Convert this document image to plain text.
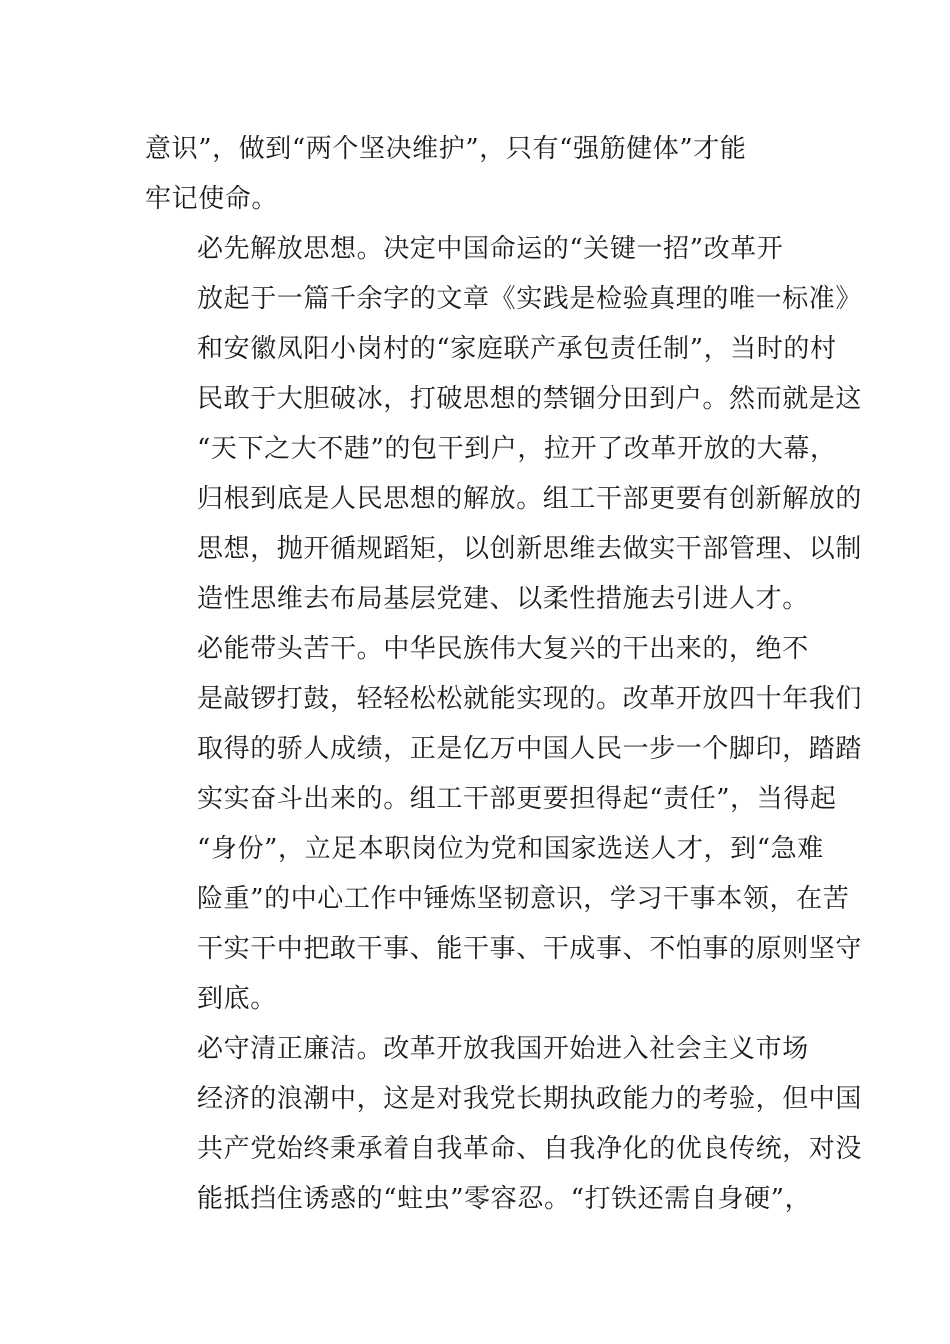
意识”，做到“两个坚决维护”，只有“强筋健体”才能
牢记使命。
必先解放思想。决定中国命运的“关键一招”改革开
放起于一篇千余字的文章《实践是检验真理的唯一标准》
和安徽凤阳小岗村的“家庭联产承包责任制”，当时的村
民敢于大胆破冰，打破思想的禁锢分田到户。然而就是这
“天下之大不韪”的包干到户，拉开了改革开放的大幕，
归根到底是人民思想的解放。组工干部更要有创新解放的
思想，抛开循规蹈矩，以创新思维去做实干部管理、以制
造性思维去布局基层党建、以柔性措施去引进人才。
必能带头苦干。中华民族伟大复兴的干出来的，绝不
是敲锣打鼓，轻轻松松就能实现的。改革开放四十年我们
取得的骄人成绩，正是亿万中国人民一步一个脚印，踏踏
实实奋斗出来的。组工干部更要担得起“责任”，当得起
“身份”，立足本职岗位为党和国家选送人才，到“急难
险重”的中心工作中锤炼坚韧意识，学习干事本领，在苦
干实干中把敢干事、能干事、干成事、不怕事的原则坚守
到底。
必守清正廉洁。改革开放我国开始进入社会主义市场
经济的浪潮中，这是对我党长期执政能力的考验，但中国
共产党始终秉承着自我革命、自我净化的优良传统，对没
能抵挡住诱惑的“蛀虫”零容忍。“打铁还需自身硬”，
